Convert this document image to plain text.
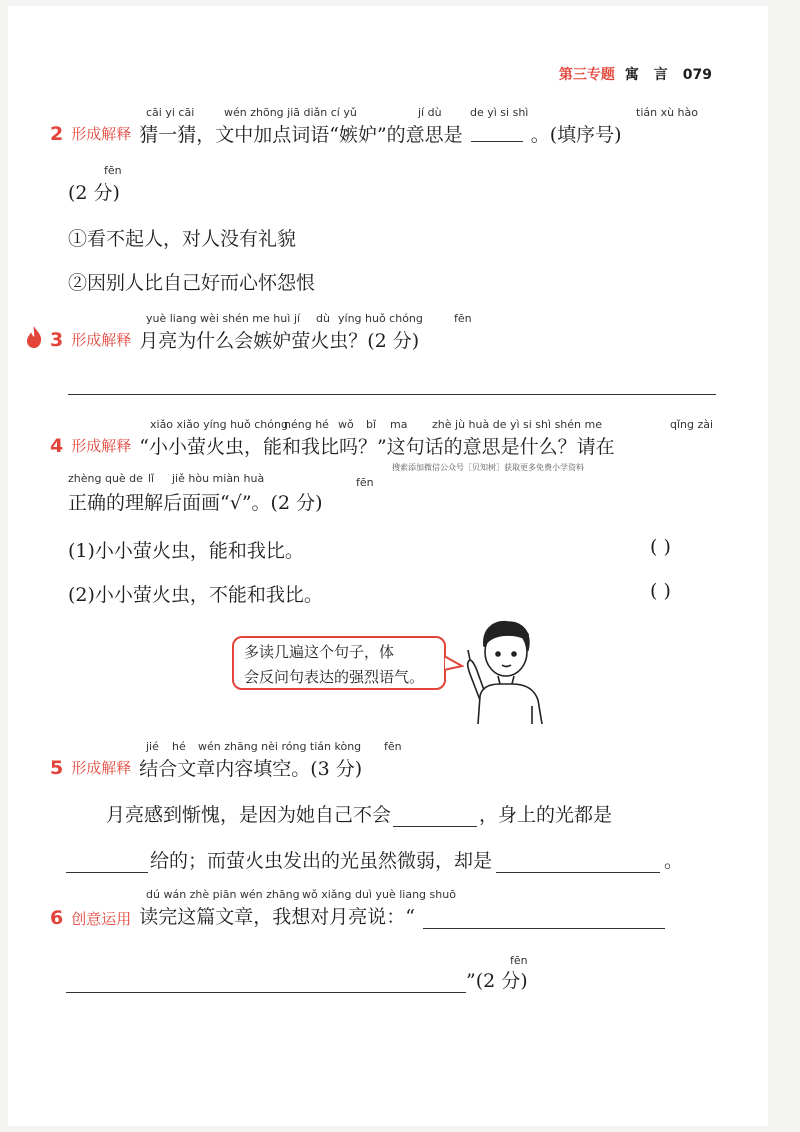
第三专题 寓 言 079
cāi yi cāi	wén zhōng jiā diǎn cí yǔ	jí dù	de yì si shì	tián xù hào
2 形成解释 猜一猜，文中加点词语“嫉妒”的意思是	。(填序号)
fēn
(2 分)
①看不起人，对人没有礼貌
②因别人比自己好而心怀怨恨
yuè liang wèi shén me huì jí dù yíng huǒ chóng	fēn
3 形成解释 月亮为什么会嫉妒萤火虫？(2 分)
xiǎo xiǎo yíng huǒ chóng
néng hé wǒ bǐ ma zhè jù huà de yì si shì shén me	qǐng zài
4 形成解释 “小小萤火虫，能和我比吗？”这句话的意思是什么？请在
zhèng què de lǐ jiě hòu miàn huà	fēn
搜索添加微信公众号［贝知树］获取更多免费小学资料
正确的理解后面画“√”。(2 分)
(1)小小萤火虫，能和我比。	( )
(2)小小萤火虫，不能和我比。	( )
多读几遍这个句子，体
会反问句表达的强烈语气。
jié hé wén zhāng nèi róng tián kòng fēn
5 形成解释 结合文章内容填空。(3 分)
月亮感到惭愧，是因为她自己不会	，身上的光都是
给的；而萤火虫发出的光虽然微弱，却是	。
dú wán zhè piān wén zhāng wǒ xiǎng duì yuè liang shuō
fēn
6 创意运用 读完这篇文章，我想对月亮说：“
”(2 分)
